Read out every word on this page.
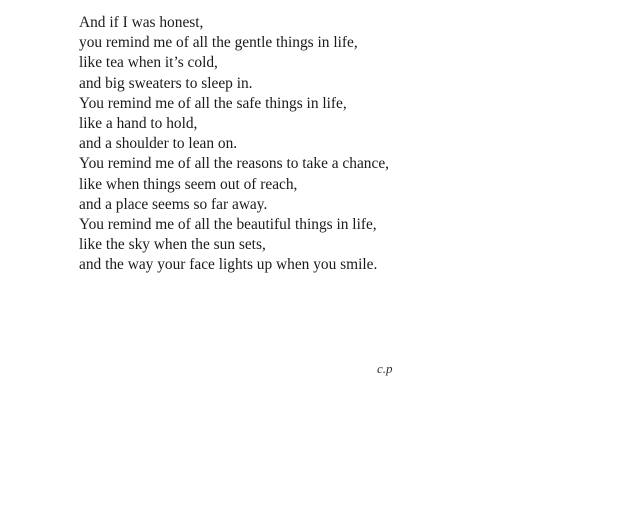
And if I was honest,
you remind me of all the gentle things in life,
like tea when it’s cold,
and big sweaters to sleep in.
You remind me of all the safe things in life,
like a hand to hold,
and a shoulder to lean on.
You remind me of all the reasons to take a chance,
like when things seem out of reach,
and a place seems so far away.
You remind me of all the beautiful things in life,
like the sky when the sun sets,
and the way your face lights up when you smile.
c.p
